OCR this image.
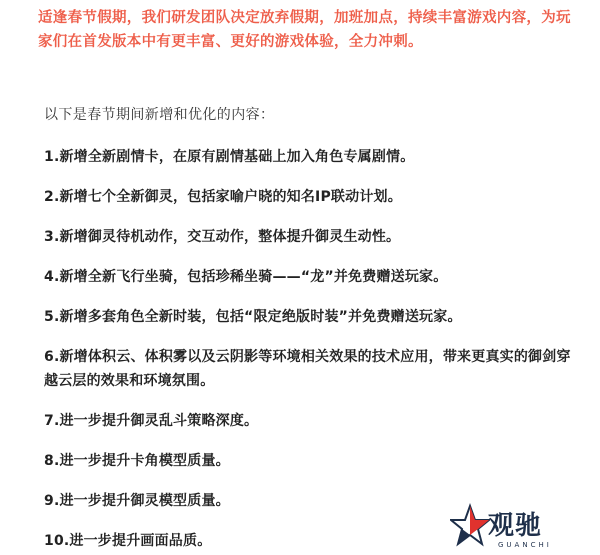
适逢春节假期，我们研发团队决定放弃假期，加班加点，持续丰富游戏内容，为玩家们在首发版本中有更丰富、更好的游戏体验，全力冲刺。

以下是春节期间新增和优化的内容：

1.新增全新剧情卡，在原有剧情基础上加入角色专属剧情。

2.新增七个全新御灵，包括家喻户晓的知名IP联动计划。

3.新增御灵待机动作，交互动作，整体提升御灵生动性。

4.新增全新飞行坐骑，包括珍稀坐骑——“龙”并免费赠送玩家。

5.新增多套角色全新时装，包括“限定绝版时装”并免费赠送玩家。

6.新增体积云、体积雾以及云阴影等环境相关效果的技术应用，带来更真实的御剑穿越云层的效果和环境氛围。

7.进一步提升御灵乱斗策略深度。

8.进一步提升卡角模型质量。

9.进一步提升御灵模型质量。

10.进一步提升画面品质。	观驰
GUANCHI
